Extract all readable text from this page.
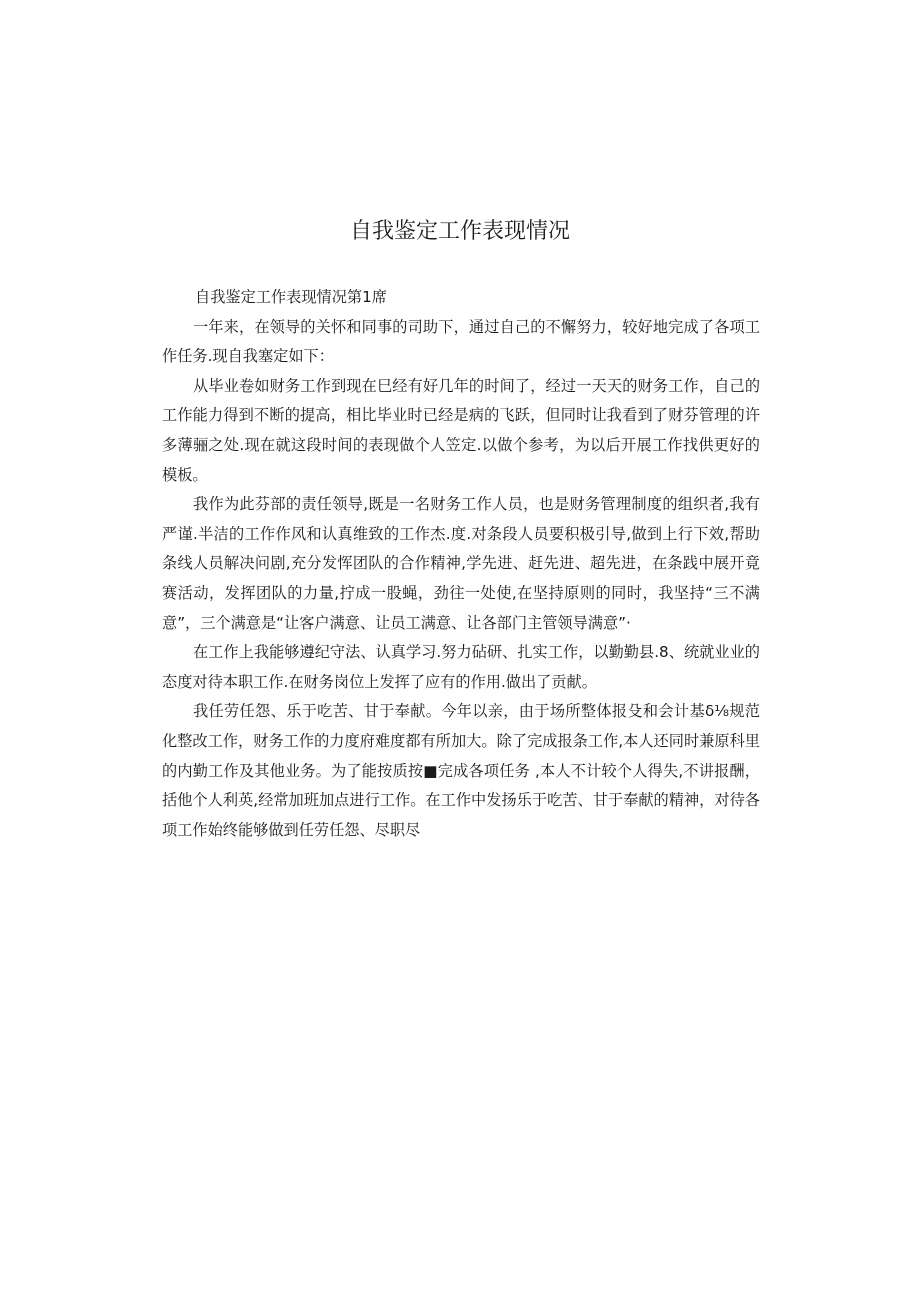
自我鉴定工作表现情况

自我鉴定工作表现情况第1席

一年来，在领导的关怀和同事的司助下，通过自己的不懈努力，较好地完成了各项工作任务.现自我塞定如下：

从毕业卷如财务工作到现在巳经有好几年的时间了，经过一天天的财务工作，自己的工作能力得到不断的提高，相比毕业时已经是病的飞跃，但同时让我看到了财芬管理的许多薄骊之处.现在就这段时间的表现做个人笠定.以做个参考，为以后开展工作找供更好的模板。

我作为此芬部的责任领导,既是一名财务工作人员，也是财务管理制度的组织者,我有严谨.半洁的工作作风和认真维致的工作杰.度.对条段人员要积极引导,做到上行下效,帮助条线人员解决问剧,充分发恽团队的合作精神,学先进、赶先进、超先进，在条践中展开竟赛活动，发挥团队的力量,拧成一股蝇，劲往一处使,在坚持原则的同时，我坚持“三不满意”，三个满意是“让客户满意、让员工满意、让各部门主管领导满意”·

在工作上我能够遵纪守法、认真学习.努力砧研、扎实工作，以勤勤县.8、统就业业的态度对待本职工作.在财务岗位上发挥了应有的作用.做出了贡献。

我任劳任怨、乐于吃苦、甘于奉献。今年以亲，由于场所整体报殳和会计基δ⅛规范化整改工作，财务工作的力度府难度都有所加大。除了完成报条工作,本人还同时兼原科里的内勤工作及其他业务。为了能按质按■完成各项任务 ,本人不计较个人得失,不讲报酬，括他个人利英,经常加班加点进行工作。在工作中发扬乐于吃苦、甘于奉献的精神，对待各项工作始终能够做到任劳任怨、尽职尽
